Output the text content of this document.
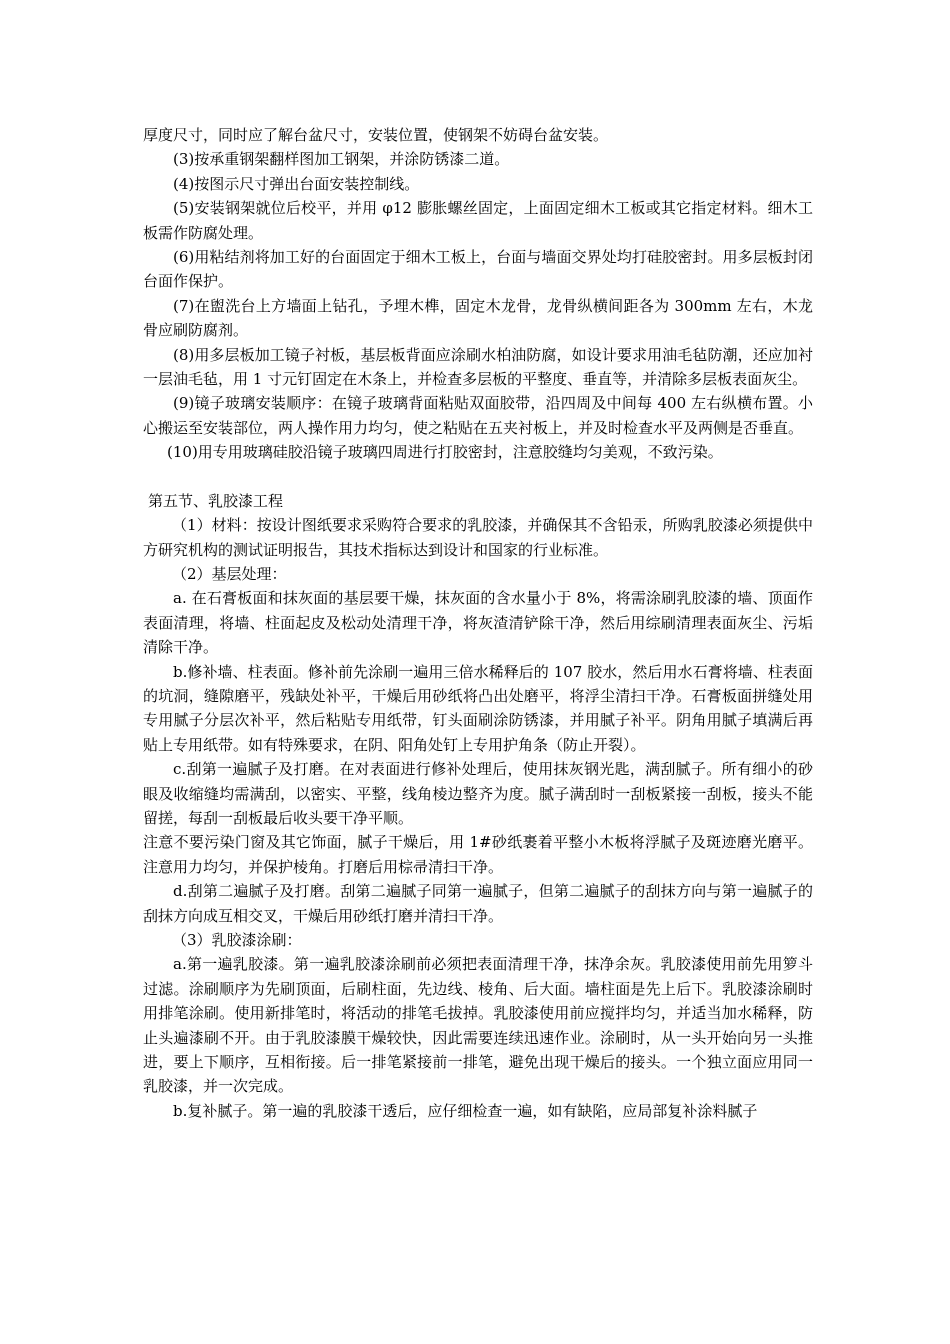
厚度尺寸，同时应了解台盆尺寸，安装位置，使钢架不妨碍台盆安装。

(3)按承重钢架翻样图加工钢架，并涂防锈漆二道。

(4)按图示尺寸弹出台面安装控制线。

(5)安装钢架就位后校平，并用 φ12 膨胀螺丝固定，上面固定细木工板或其它指定材料。细木工板需作防腐处理。

(6)用粘结剂将加工好的台面固定于细木工板上，台面与墙面交界处均打硅胶密封。用多层板封闭台面作保护。

(7)在盥洗台上方墙面上钻孔，予埋木榫，固定木龙骨，龙骨纵横间距各为 300mm 左右，木龙骨应刷防腐剂。

(8)用多层板加工镜子衬板，基层板背面应涂刷水柏油防腐，如设计要求用油毛毡防潮，还应加衬一层油毛毡，用 1 寸元钉固定在木条上，并检查多层板的平整度、垂直等，并清除多层板表面灰尘。

(9)镜子玻璃安装顺序：在镜子玻璃背面粘贴双面胶带，沿四周及中间每 400 左右纵横布置。小心搬运至安装部位，两人操作用力均匀，使之粘贴在五夹衬板上，并及时检查水平及两侧是否垂直。

(10)用专用玻璃硅胶沿镜子玻璃四周进行打胶密封，注意胶缝均匀美观，不致污染。

第五节、乳胶漆工程

（1）材料：按设计图纸要求采购符合要求的乳胶漆，并确保其不含铅汞，所购乳胶漆必须提供中方研究机构的测试证明报告，其技术指标达到设计和国家的行业标准。

（2）基层处理：

a. 在石膏板面和抹灰面的基层要干燥，抹灰面的含水量小于 8%，将需涂刷乳胶漆的墙、顶面作表面清理，将墙、柱面起皮及松动处清理干净，将灰渣清铲除干净，然后用综刷清理表面灰尘、污垢清除干净。

b.修补墙、柱表面。修补前先涂刷一遍用三倍水稀释后的 107 胶水，然后用水石膏将墙、柱表面的坑洞，缝隙磨平，残缺处补平，干燥后用砂纸将凸出处磨平，将浮尘清扫干净。石膏板面拼缝处用专用腻子分层次补平，然后粘贴专用纸带，钉头面刷涂防锈漆，并用腻子补平。阴角用腻子填满后再贴上专用纸带。如有特殊要求，在阴、阳角处钉上专用护角条（防止开裂）。

c.刮第一遍腻子及打磨。在对表面进行修补处理后，使用抹灰钢光匙，满刮腻子。所有细小的砂眼及收缩缝均需满刮，以密实、平整，线角棱边整齐为度。腻子满刮时一刮板紧接一刮板，接头不能留搓，每刮一刮板最后收头要干净平顺。

注意不要污染门窗及其它饰面，腻子干燥后，用 1#砂纸裹着平整小木板将浮腻子及斑迹磨光磨平。注意用力均匀，并保护棱角。打磨后用棕帚清扫干净。

d.刮第二遍腻子及打磨。刮第二遍腻子同第一遍腻子，但第二遍腻子的刮抹方向与第一遍腻子的刮抹方向成互相交叉，干燥后用砂纸打磨并清扫干净。

（3）乳胶漆涂刷：

a.第一遍乳胶漆。第一遍乳胶漆涂刷前必须把表面清理干净，抹净余灰。乳胶漆使用前先用箩斗过滤。涂刷顺序为先刷顶面，后刷柱面，先边线、棱角、后大面。墙柱面是先上后下。乳胶漆涂刷时用排笔涂刷。使用新排笔时，将活动的排笔毛拔掉。乳胶漆使用前应搅拌均匀，并适当加水稀释，防止头遍漆刷不开。由于乳胶漆膜干燥较快，因此需要连续迅速作业。涂刷时，从一头开始向另一头推进，要上下顺序，互相衔接。后一排笔紧接前一排笔，避免出现干燥后的接头。一个独立面应用同一乳胶漆，并一次完成。

b.复补腻子。第一遍的乳胶漆干透后，应仔细检查一遍，如有缺陷，应局部复补涂料腻子
